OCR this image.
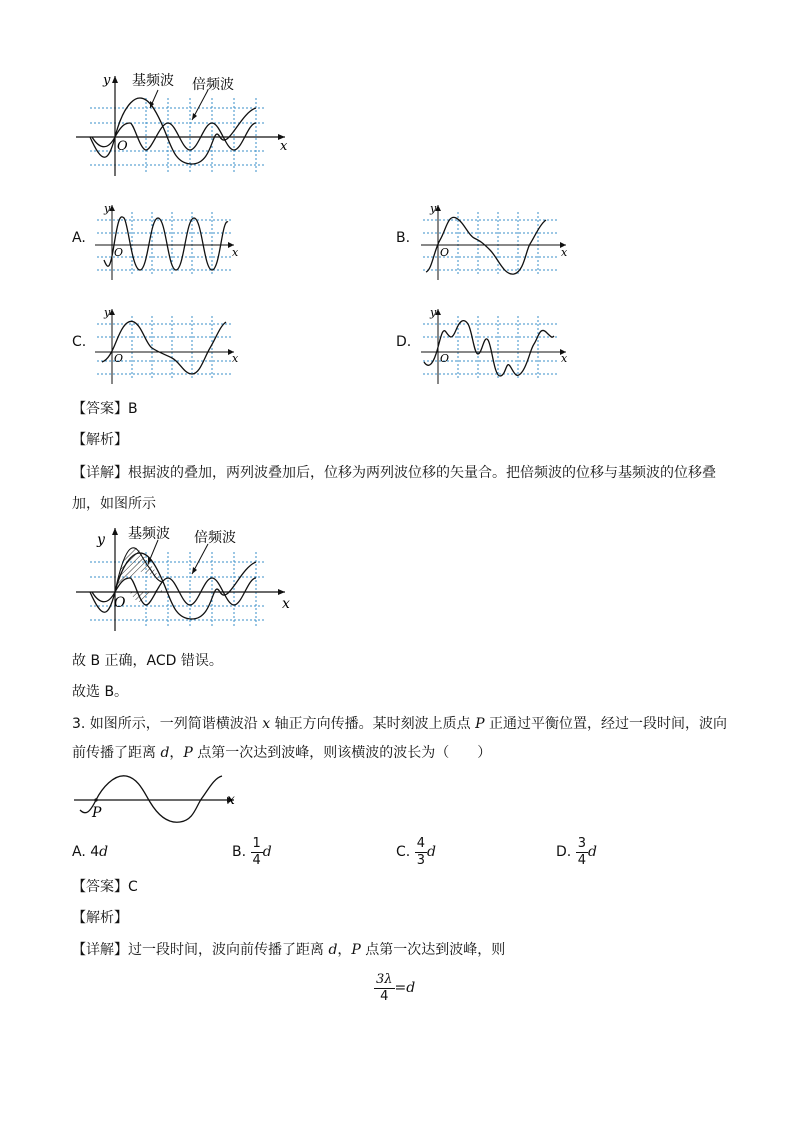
y
x
O
基频波 倍频波
A.
y
x
O
B.
y
x
O
C.
y
x
O
D.
y
x
O
【答案】B
【解析】
【详解】根据波的叠加，两列波叠加后，位移为两列波位移的矢量合。把倍频波的位移与基频波的位移叠
加，如图所示
y
x
O
基频波 倍频波
故 B 正确，ACD 错误。
故选 B。
3. 如图所示，一列简谐横波沿 x 轴正方向传播。某时刻波上质点 P 正通过平衡位置，经过一段时间，波向
前传播了距离 d，P 点第一次达到波峰，则该横波的波长为（　　）
x
P
A. 4d	B. $\frac{1}{4}$ d	C. $\frac{4}{3}$ d	D. $\frac{3}{4}$ d
【答案】C
【解析】
【详解】过一段时间，波向前传播了距离 d，P 点第一次达到波峰，则
$\frac{3\lambda}{4} =d$
